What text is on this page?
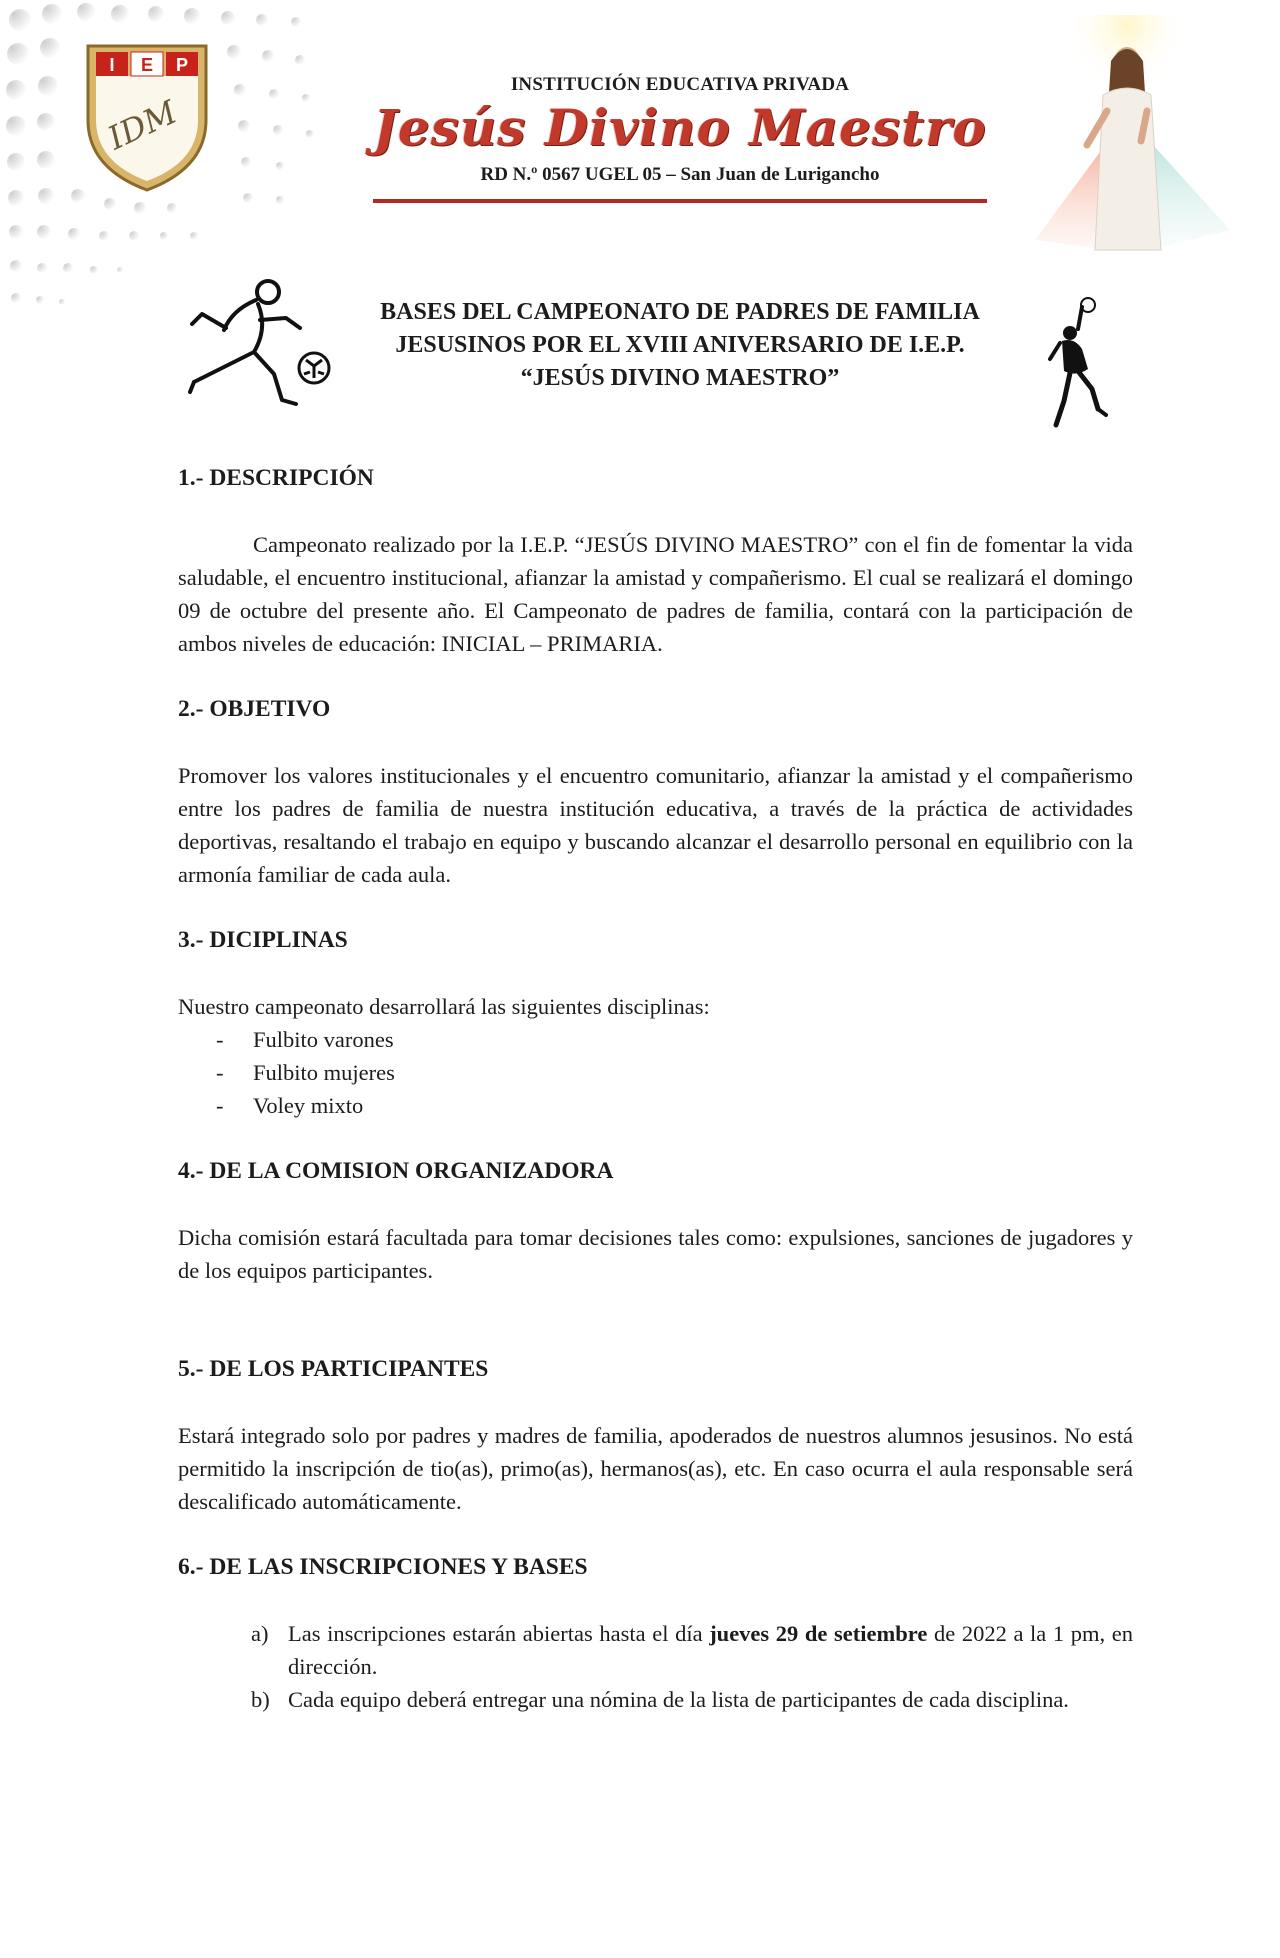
I E P
IDM
INSTITUCIÓN EDUCATIVA PRIVADA
Jesús Divino Maestro
RD N.º 0567 UGEL 05 – San Juan de Lurigancho
BASES DEL CAMPEONATO DE PADRES DE FAMILIA
JESUSINOS POR EL XVIII ANIVERSARIO DE I.E.P.
“JESÚS DIVINO MAESTRO”

1.- DESCRIPCIÓN

Campeonato realizado por la I.E.P. “JESÚS DIVINO MAESTRO” con el fin de fomentar la vida saludable, el encuentro institucional, afianzar la amistad y compañerismo. El cual se realizará el domingo 09 de octubre del presente año. El Campeonato de padres de familia, contará con la participación de ambos niveles de educación: INICIAL – PRIMARIA.

2.- OBJETIVO

Promover los valores institucionales y el encuentro comunitario, afianzar la amistad y el compañerismo entre los padres de familia de nuestra institución educativa, a través de la práctica de actividades deportivas, resaltando el trabajo en equipo y buscando alcanzar el desarrollo personal en equilibrio con la armonía familiar de cada aula.

3.- DICIPLINAS

Nuestro campeonato desarrollará las siguientes disciplinas:

- Fulbito varones
- Fulbito mujeres
- Voley mixto

4.- DE LA COMISION ORGANIZADORA

Dicha comisión estará facultada para tomar decisiones tales como: expulsiones, sanciones de jugadores y de los equipos participantes.

5.- DE LOS PARTICIPANTES

Estará integrado solo por padres y madres de familia, apoderados de nuestros alumnos jesusinos. No está permitido la inscripción de tio(as), primo(as), hermanos(as), etc. En caso ocurra el aula responsable será descalificado automáticamente.

6.- DE LAS INSCRIPCIONES Y BASES

a) Las inscripciones estarán abiertas hasta el día jueves 29 de setiembre de 2022 a la 1 pm, en dirección.
b) Cada equipo deberá entregar una nómina de la lista de participantes de cada disciplina.
